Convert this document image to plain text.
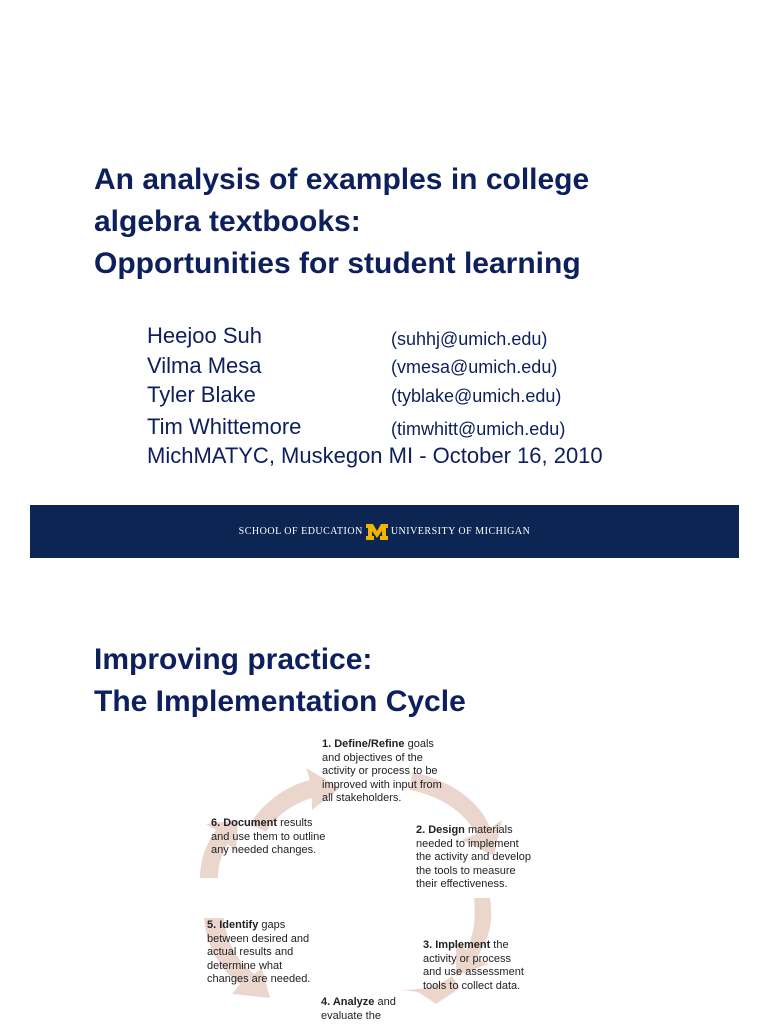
An analysis of examples in college
algebra textbooks:
Opportunities for student learning
Heejoo Suh	(suhhj@umich.edu)
Vilma Mesa	(vmesa@umich.edu)
Tyler Blake	(tyblake@umich.edu)
Tim Whittemore	(timwhitt@umich.edu)
MichMATYC, Muskegon MI - October 16, 2010
SCHOOL OF EDUCATION	UNIVERSITY OF MICHIGAN
Improving practice:
The Implementation Cycle
1. Define/Refine goals
and objectives of the
activity or process to be
improved with input from
all stakeholders.
2. Design materials
needed to implement
the activity and develop
the tools to measure
their effectiveness.
3. Implement the
activity or process
and use assessment
tools to collect data.
4. Analyze and
evaluate the
5. Identify gaps
between desired and
actual results and
determine what
changes are needed.
6. Document results
and use them to outline
any needed changes.
